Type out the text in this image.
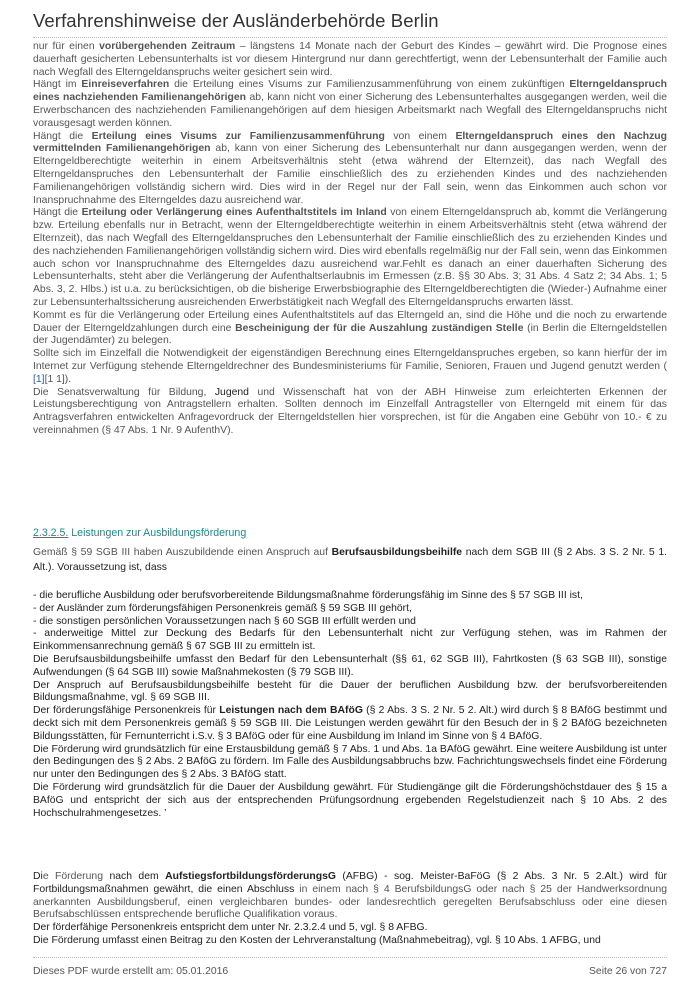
Verfahrenshinweise der Ausländerbehörde Berlin

nur für einen vorübergehenden Zeitraum – längstens 14 Monate nach der Geburt des Kindes – gewährt wird. Die Prognose eines dauerhaft gesicherten Lebensunterhalts ist vor diesem Hintergrund nur dann gerechtfertigt, wenn der Lebensunterhalt der Familie auch nach Wegfall des Elterngeldanspruchs weiter gesichert sein wird.

Hängt im Einreiseverfahren die Erteilung eines Visums zur Familienzusammenführung von einem zukünftigen Elterngeldanspruch eines nachziehenden Familienangehörigen ab, kann nicht von einer Sicherung des Lebensunterhaltes ausgegangen werden, weil die Erwerbschancen des nachziehenden Familienangehörigen auf dem hiesigen Arbeitsmarkt nach Wegfall des Elterngeldanspruchs nicht vorausgesagt werden können.

Hängt die Erteilung eines Visums zur Familienzusammenführung von einem Elterngeldanspruch eines den Nachzug vermittelnden Familienangehörigen ab, kann von einer Sicherung des Lebensunterhalt nur dann ausgegangen werden, wenn der Elterngeldberechtigte weiterhin in einem Arbeitsverhältnis steht (etwa während der Elternzeit), das nach Wegfall des Elterngeldanspruches den Lebensunterhalt der Familie einschließlich des zu erziehenden Kindes und des nachziehenden Familienangehörigen vollständig sichern wird. Dies wird in der Regel nur der Fall sein, wenn das Einkommen auch schon vor Inanspruchnahme des Elterngeldes dazu ausreichend war.

Hängt die Erteilung oder Verlängerung eines Aufenthaltstitels im Inland von einem Elterngeldanspruch ab, kommt die Verlängerung bzw. Erteilung ebenfalls nur in Betracht, wenn der Elterngeldberechtigte weiterhin in einem Arbeitsverhältnis steht (etwa während der Elternzeit), das nach Wegfall des Elterngeldanspruches den Lebensunterhalt der Familie einschließlich des zu erziehenden Kindes und des nachziehenden Familienangehörigen vollständig sichern wird. Dies wird ebenfalls regelmäßig nur der Fall sein, wenn das Einkommen auch schon vor Inanspruchnahme des Elterngeldes dazu ausreichend war.Fehlt es danach an einer dauerhaften Sicherung des Lebensunterhalts, steht aber die Verlängerung der Aufenthaltserlaubnis im Ermessen (z.B. §§ 30 Abs. 3; 31 Abs. 4 Satz 2; 34 Abs. 1; 5 Abs. 3, 2. Hlbs.) ist u.a. zu berücksichtigen, ob die bisherige Erwerbsbiographie des Elterngeldberechtigten die (Wieder-) Aufnahme einer zur Lebensunterhaltssicherung ausreichenden Erwerbstätigkeit nach Wegfall des Elterngeldanspruchs erwarten lässt.

Kommt es für die Verlängerung oder Erteilung eines Aufenthaltstitels auf das Elterngeld an, sind die Höhe und die noch zu erwartende Dauer der Elterngeldzahlungen durch eine Bescheinigung der für die Auszahlung zuständigen Stelle (in Berlin die Elterngeldstellen der Jugendämter) zu belegen.

Sollte sich im Einzelfall die Notwendigkeit der eigenständigen Berechnung eines Elterngeldanspruches ergeben, so kann hierfür der im Internet zur Verfügung stehende Elterngeldrechner des Bundesministeriums für Familie, Senioren, Frauen und Jugend genutzt werden ( [1][1 1]).

Die Senatsverwaltung für Bildung, Jugend und Wissenschaft hat von der ABH Hinweise zum erleichterten Erkennen der Leistungsberechtigung von Antragstellern erhalten. Sollten dennoch im Einzelfall Antragsteller von Elterngeld mit einem für das Antragsverfahren entwickelten Anfragevordruck der Elterngeldstellen hier vorsprechen, ist für die Angaben eine Gebühr von 10.- € zu vereinnahmen (§ 47 Abs. 1 Nr. 9 AufenthV).

2.3.2.5. Leistungen zur Ausbildungsförderung

Gemäß § 59 SGB III haben Auszubildende einen Anspruch auf Berufsausbildungsbeihilfe nach dem SGB III (§ 2 Abs. 3 S. 2 Nr. 5 1. Alt.). Voraussetzung ist, dass

- die berufliche Ausbildung oder berufsvorbereitende Bildungsmaßnahme förderungsfähig im Sinne des § 57 SGB III ist,

- der Ausländer zum förderungsfähigen Personenkreis gemäß § 59 SGB III gehört,

- die sonstigen persönlichen Voraussetzungen nach § 60 SGB III erfüllt werden und

- anderweitige Mittel zur Deckung des Bedarfs für den Lebensunterhalt nicht zur Verfügung stehen, was im Rahmen der Einkommensanrechnung gemäß § 67 SGB III zu ermitteln ist.

Die Berufsausbildungsbeihilfe umfasst den Bedarf für den Lebensunterhalt (§§ 61, 62 SGB III), Fahrtkosten (§ 63 SGB III), sonstige Aufwendungen (§ 64 SGB III) sowie Maßnahmekosten (§ 79 SGB III).

Der Anspruch auf Berufsausbildungsbeihilfe besteht für die Dauer der beruflichen Ausbildung bzw. der berufsvorbereitenden Bildungsmaßnahme, vgl. § 69 SGB III.

Der förderungsfähige Personenkreis für Leistungen nach dem BAföG (§ 2 Abs. 3 S. 2 Nr. 5 2. Alt.) wird durch § 8 BAföG bestimmt und deckt sich mit dem Personenkreis gemäß § 59 SGB III. Die Leistungen werden gewährt für den Besuch der in § 2 BAföG bezeichneten Bildungsstätten, für Fernunterricht i.S.v. § 3 BAföG oder für eine Ausbildung im Inland im Sinne von § 4 BAföG.

Die Förderung wird grundsätzlich für eine Erstausbildung gemäß § 7 Abs. 1 und Abs. 1a BAföG gewährt. Eine weitere Ausbildung ist unter den Bedingungen des § 2 Abs. 2 BAföG zu fördern. Im Falle des Ausbildungsabbruchs bzw. Fachrichtungswechsels findet eine Förderung nur unter den Bedingungen des § 2 Abs. 3 BAföG statt.

Die Förderung wird grundsätzlich für die Dauer der Ausbildung gewährt. Für Studiengänge gilt die Förderungshöchstdauer des § 15 a BAföG und entspricht der sich aus der entsprechenden Prüfungsordnung ergebenden Regelstudienzeit nach § 10 Abs. 2 des Hochschulrahmengesetzes. ’

Die Förderung nach dem AufstiegsfortbildungsförderungsG (AFBG) - sog. Meister-BaFöG (§ 2 Abs. 3 Nr. 5 2.Alt.) wird für Fortbildungsmaßnahmen gewährt, die einen Abschluss in einem nach § 4 BerufsbildungsG oder nach § 25 der Handwerksordnung anerkannten Ausbildungsberuf, einen vergleichbaren bundes- oder landesrechtlich geregelten Berufsabschluss oder eine diesen Berufsabschlüssen entsprechende berufliche Qualifikation voraus.

Der förderfähige Personenkreis entspricht dem unter Nr. 2.3.2.4 und 5, vgl. § 8 AFBG.

Die Förderung umfasst einen Beitrag zu den Kosten der Lehrveranstaltung (Maßnahmebeitrag), vgl. § 10 Abs. 1 AFBG, und

Dieses PDF wurde erstellt am: 05.01.2016	Seite 26 von 727
